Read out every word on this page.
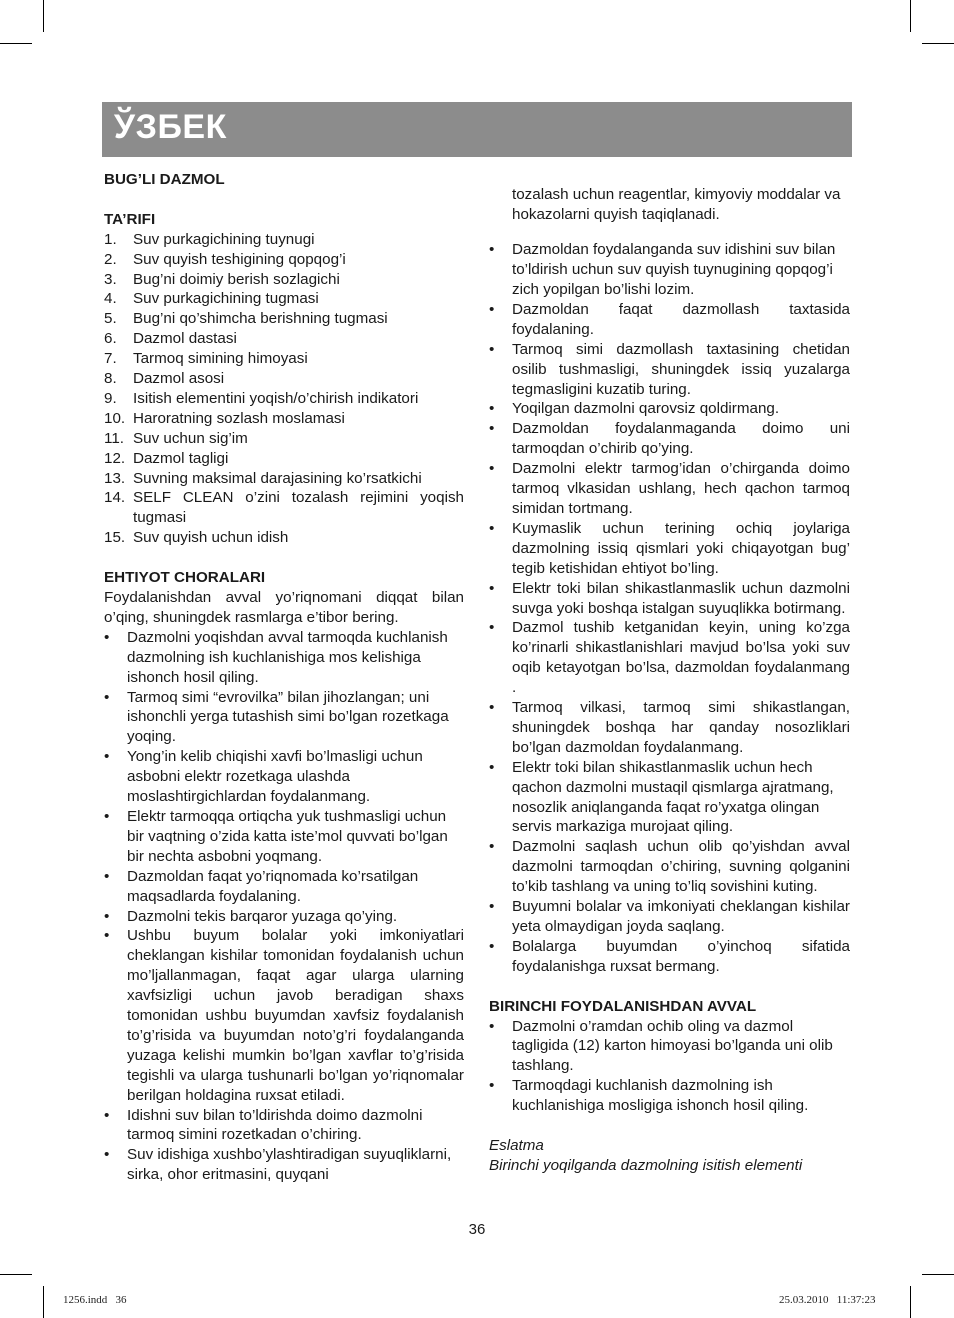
ЎЗБЕК

BUG’LI DAZMOL

TA’RIFI

1. Suv purkagichining tuynugi
2. Suv quyish teshigining qopqog’i
3. Bug’ni doimiy berish sozlagichi
4. Suv purkagichining tugmasi
5. Bug’ni qo’shimcha berishning tugmasi
6. Dazmol dastasi
7. Tarmoq simining himoyasi
8. Dazmol asosi
9. Isitish elementini yoqish/o’chirish indikatori
10. Haroratning sozlash moslamasi
11. Suv uchun sig’im
12. Dazmol tagligi
13. Suvning maksimal darajasining ko’rsatkichi
14. SELF CLEAN o’zini tozalash rejimini yoqish tugmasi
15. Suv quyish uchun idish

EHTIYOT CHORALARI

Foydalanishdan avval yo’riqnomani diqqat bilan o’qing, shuningdek rasmlarga e’tibor bering.

• Dazmolni yoqishdan avval tarmoqda kuchlanish dazmolning ish kuchlanishiga mos kelishiga ishonch hosil qiling.
• Tarmoq simi “evrovilka” bilan jihozlangan; uni ishonchli yerga tutashish simi bo’lgan rozetkaga yoqing.
• Yong’in kelib chiqishi xavfi bo’lmasligi uchun asbobni elektr rozetkaga ulashda moslashtirgichlardan foydalanmang.
• Elektr tarmoqqa ortiqcha yuk tushmasligi uchun bir vaqtning o’zida katta iste’mol quvvati bo’lgan bir nechta asbobni yoqmang.
• Dazmoldan faqat yo’riqnomada ko’rsatilgan maqsadlarda foydalaning.
• Dazmolni tekis barqaror yuzaga qo’ying.
• Ushbu buyum bolalar yoki imkoniyatlari cheklangan kishilar tomonidan foydalanish uchun mo’ljallanmagan, faqat agar ularga ularning xavfsizligi uchun javob beradigan shaxs tomonidan ushbu buyumdan xavfsiz foydalanish to’g’risida va buyumdan noto’g’ri foydalanganda yuzaga kelishi mumkin bo’lgan xavflar to’g’risida tegishli va ularga tushunarli bo’lgan yo’riqnomalar berilgan holdagina ruxsat etiladi.
• Idishni suv bilan to’ldirishda doimo dazmolni tarmoq simini rozetkadan o’chiring.
• Suv idishiga xushbo’ylashtiradigan suyuqliklarni, sirka, ohor eritmasini, quyqani

tozalash uchun reagentlar, kimyoviy moddalar va hokazolarni quyish taqiqlanadi.

• Dazmoldan foydalanganda suv idishini suv bilan to’ldirish uchun suv quyish tuynugining qopqog’i zich yopilgan bo’lishi lozim.
• Dazmoldan faqat dazmollash taxtasida foydalaning.
• Tarmoq simi dazmollash taxtasining chetidan osilib tushmasligi, shuningdek issiq yuzalarga tegmasligini kuzatib turing.
• Yoqilgan dazmolni qarovsiz qoldirmang.
• Dazmoldan foydalanmaganda doimo uni tarmoqdan o’chirib qo’ying.
• Dazmolni elektr tarmog’idan o’chirganda doimo tarmoq vlkasidan ushlang, hech qachon tarmoq simidan tortmang.
• Kuymaslik uchun terining ochiq joylariga dazmolning issiq qismlari yoki chiqayotgan bug’ tegib ketishidan ehtiyot bo’ling.
• Elektr toki bilan shikastlanmaslik uchun dazmolni suvga yoki boshqa istalgan suyuqlikka botirmang.
• Dazmol tushib ketganidan keyin, uning ko’zga ko’rinarli shikastlanishlari mavjud bo’lsa yoki suv oqib ketayotgan bo’lsa, dazmoldan foydalanmang .
• Tarmoq vilkasi, tarmoq simi shikastlangan, shuningdek boshqa har qanday nosozliklari bo’lgan dazmoldan foydalanmang.
• Elektr toki bilan shikastlanmaslik uchun hech qachon dazmolni mustaqil qismlarga ajratmang, nosozlik aniqlanganda faqat ro’yxatga olingan servis markaziga murojaat qiling.
• Dazmolni saqlash uchun olib qo’yishdan avval dazmolni tarmoqdan o’chiring, suvning qolganini to’kib tashlang va uning to’liq sovishini kuting.
• Buyumni bolalar va imkoniyati cheklangan kishilar yeta olmaydigan joyda saqlang.
• Bolalarga buyumdan o’yinchoq sifatida foydalanishga ruxsat bermang.

BIRINCHI FOYDALANISHDAN AVVAL

• Dazmolni o’ramdan ochib oling va dazmol tagligida (12) karton himoyasi bo’lganda uni olib tashlang.
• Tarmoqdagi kuchlanish dazmolning ish kuchlanishiga mosligiga ishonch hosil qiling.

Eslatma

Birinchi yoqilganda dazmolning isitish elementi

36
1256.indd   36	25.03.2010   11:37:23
